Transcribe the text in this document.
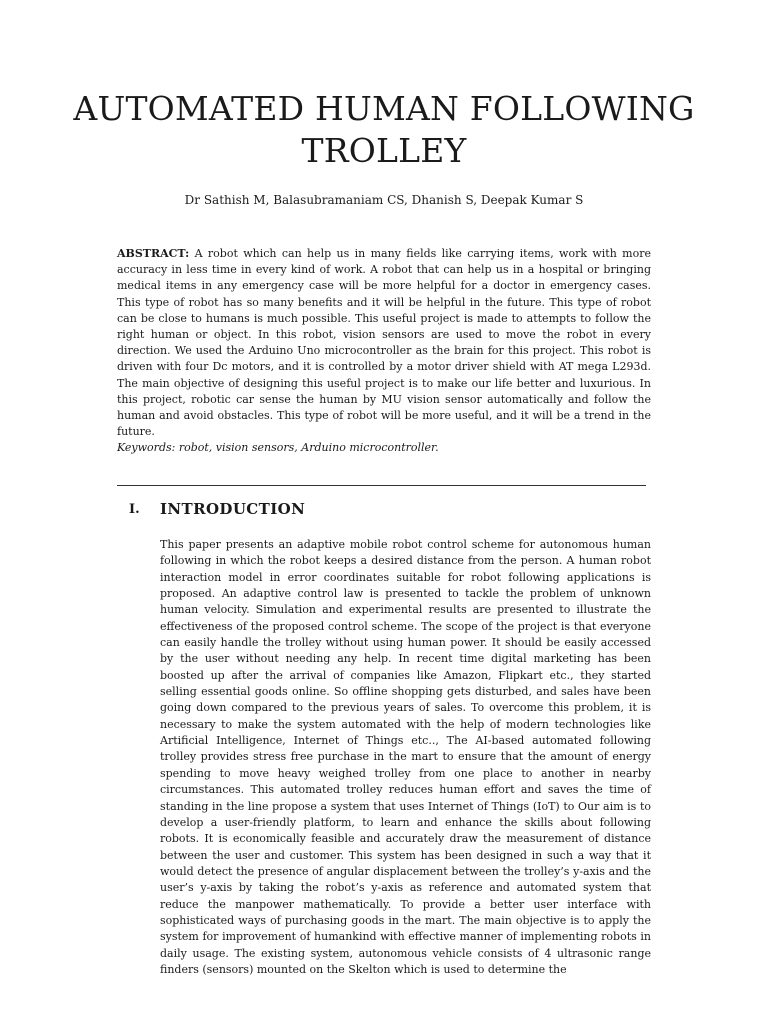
AUTOMATED HUMAN FOLLOWING TROLLEY
Dr Sathish M, Balasubramaniam CS, Dhanish S, Deepak Kumar S

ABSTRACT: A robot which can help us in many fields like carrying items, work with more accuracy in less time in every kind of work. A robot that can help us in a hospital or bringing medical items in any emergency case will be more helpful for a doctor in emergency cases. This type of robot has so many benefits and it will be helpful in the future. This type of robot can be close to humans is much possible. This useful project is made to attempts to follow the right human or object. In this robot, vision sensors are used to move the robot in every direction. We used the Arduino Uno microcontroller as the brain for this project. This robot is driven with four Dc motors, and it is controlled by a motor driver shield with AT mega L293d. The main objective of designing this useful project is to make our life better and luxurious. In this project, robotic car sense the human by MU vision sensor automatically and follow the human and avoid obstacles. This type of robot will be more useful, and it will be a trend in the future.

Keywords: robot, vision sensors, Arduino microcontroller.

I. INTRODUCTION

This paper presents an adaptive mobile robot control scheme for autonomous human following in which the robot keeps a desired distance from the person. A human robot interaction model in error coordinates suitable for robot following applications is proposed. An adaptive control law is presented to tackle the problem of unknown human velocity. Simulation and experimental results are presented to illustrate the effectiveness of the proposed control scheme. The scope of the project is that everyone can easily handle the trolley without using human power. It should be easily accessed by the user without needing any help. In recent time digital marketing has been boosted up after the arrival of companies like Amazon, Flipkart etc., they started selling essential goods online. So offline shopping gets disturbed, and sales have been going down compared to the previous years of sales. To overcome this problem, it is necessary to make the system automated with the help of modern technologies like Artificial Intelligence, Internet of Things etc.., The AI-based automated following trolley provides stress free purchase in the mart to ensure that the amount of energy spending to move heavy weighed trolley from one place to another in nearby circumstances. This automated trolley reduces human effort and saves the time of standing in the line propose a system that uses Internet of Things (IoT) to Our aim is to develop a user-friendly platform, to learn and enhance the skills about following robots. It is economically feasible and accurately draw the measurement of distance between the user and customer. This system has been designed in such a way that it would detect the presence of angular displacement between the trolley’s y-axis and the user’s y-axis by taking the robot’s y-axis as reference and automated system that reduce the manpower mathematically. To provide a better user interface with sophisticated ways of purchasing goods in the mart. The main objective is to apply the system for improvement of humankind with effective manner of implementing robots in daily usage. The existing system, autonomous vehicle consists of 4 ultrasonic range finders (sensors) mounted on the Skelton which is used to determine the
